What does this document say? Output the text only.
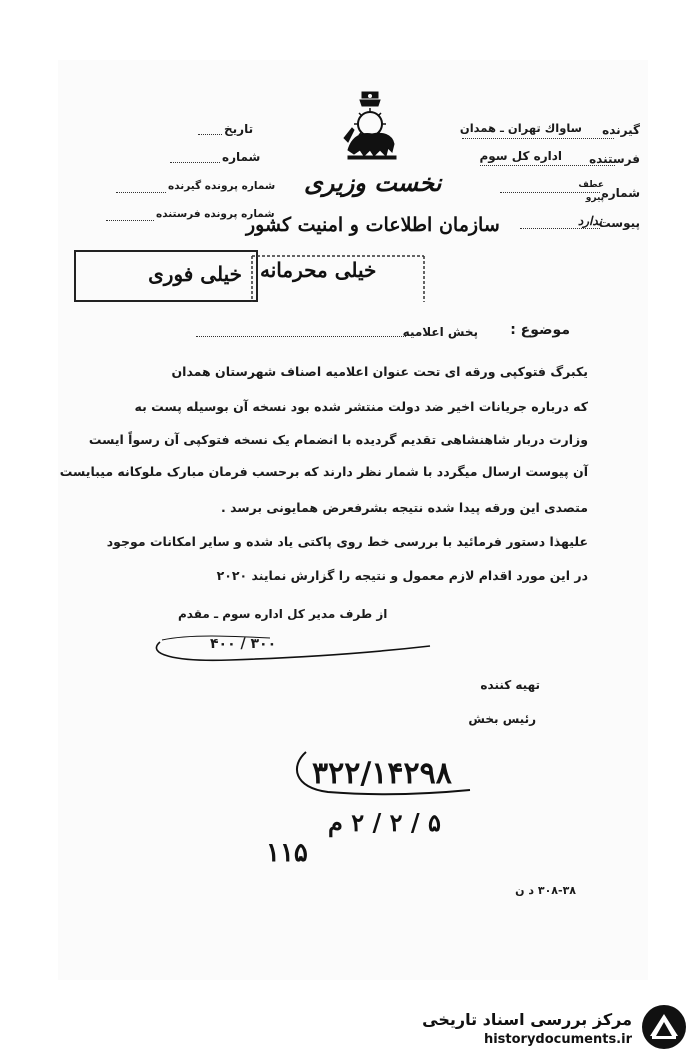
گیرنده
ساواك تهران ـ همدان
فرستنده
اداره کل سوم
شماره
عطف
پیرو
پیوست
ندارد
تاریخ
شماره
شماره پرونده گیرنده
شماره پرونده فرستنده
نخست وزیری
سازمان اطلاعات و امنیت کشور
خیلی فوری خیلی محرمانه
موضوع :
پخش اعلامیه
یکبرگ فتوکپی ورقه ای تحت عنوان اعلامیه اصناف شهرستان همدان
که درباره جریانات اخیر ضد دولت منتشر شده بود نسخه آن بوسیله پست به
وزارت دربار شاهنشاهی تقدیم گردیده با انضمام یک نسخه فتوکپی آن رسواً ایست
آن پیوست ارسال میگردد با شمار نظر دارند که برحسب فرمان مبارک ملوکانه میبایست
متصدی این ورقه پیدا شده نتیجه بشرفعرض همایونی برسد .
علیهذا دستور فرمائید با بررسی خط روی پاکتی یاد شده و سایر امکانات موجود
در این مورد اقدام لازم معمول و نتیجه را گزارش نمایند ۲۰۲۰
از طرف مدیر کل اداره سوم ـ مقدم
۴۰۰ / ۳۰۰
تهیه کننده
رئیس بخش
۳۲۲/۱۴۲۹۸
۵ / ۲ / ۲ م
۱۱۵
۳۰۸-۳۸ د ن
مرکز بررسی اسناد تاریخی
historydocuments.ir
